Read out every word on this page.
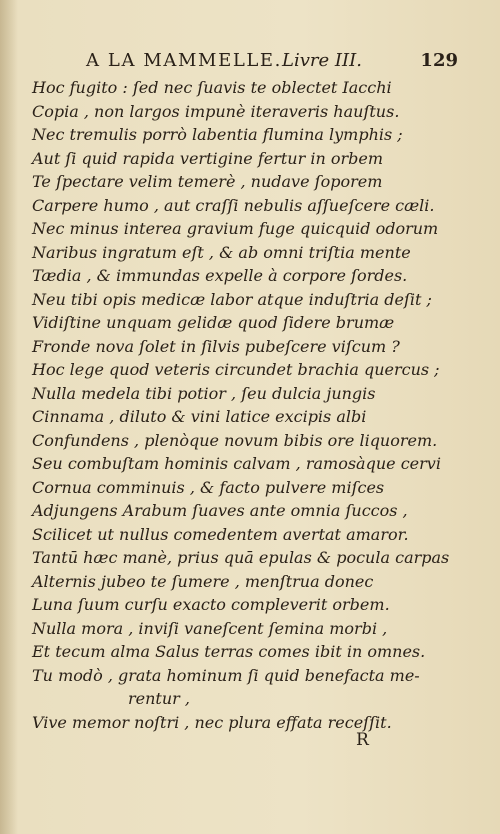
A LA MAMMELLE. Livre III.	129
Hoc fugito : ſed nec ſuavis te oblectet Iacchi
Copia , non largos impunè iteraveris hauſtus.
Nec tremulis porrò labentia flumina lymphis ;
Aut ſi quid rapida vertigine fertur in orbem
Te ſpectare velim temerè , nudave ſoporem
Carpere humo , aut craſſi nebulis aſſueſcere cæli.
Nec minus interea gravium fuge quicquid odorum
Naribus ingratum eſt , & ab omni triſtia mente
Tædia , & immundas expelle à corpore ſordes.
Neu tibi opis medicæ labor atque induſtria deſit ;
Vidiſtine unquam gelidæ quod ſidere brumæ
Fronde nova ſolet in ſilvis pubeſcere viſcum ?
Hoc lege quod veteris circundet brachia quercus ;
Nulla medela tibi potior , ſeu dulcia jungis
Cinnama , diluto & vini latice excipis albi
Confundens , plenòque novum bibis ore liquorem.
Seu combuſtam hominis calvam , ramosàque cervi
Cornua comminuis , & facto pulvere miſces
Adjungens Arabum ſuaves ante omnia ſuccos ,
Scilicet ut nullus comedentem avertat amaror.
Tantū hæc manè, prius quā epulas & pocula carpas
Alternis jubeo te ſumere , menſtrua donec
Luna ſuum curſu exacto compleverit orbem.
Nulla mora , inviſi vaneſcent ſemina morbi ,
Et tecum alma Salus terras comes ibit in omnes.
Tu modò , grata hominum ſi quid benefacta me-
rentur ,
Vive memor noſtri , nec plura effata receſſit.
R
